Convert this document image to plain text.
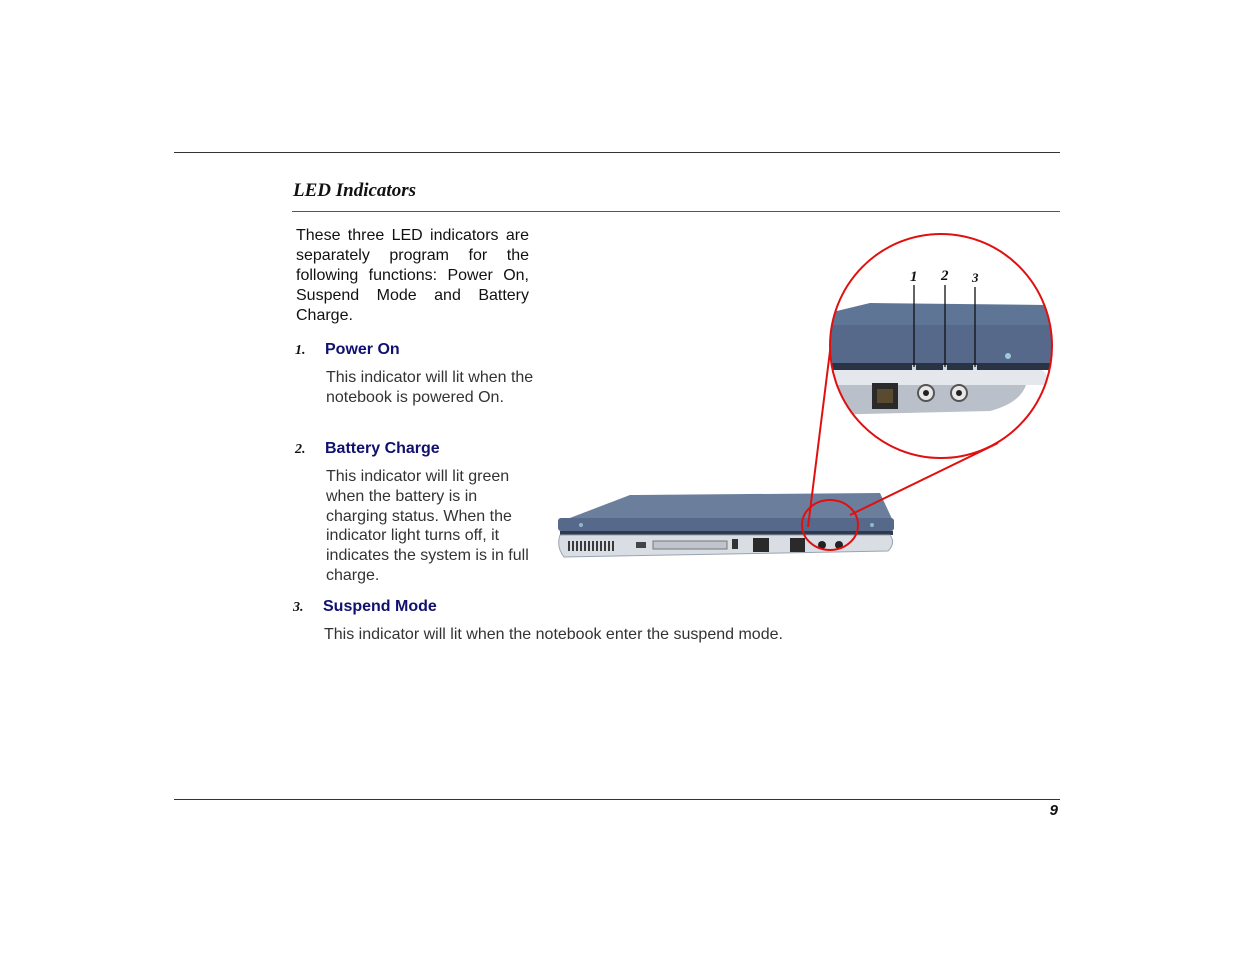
LED Indicators

These three LED indicators are separately program for the following functions: Power On, Suspend Mode and Battery Charge.

1. Power On

This indicator will lit when the notebook is powered On.

2. Battery Charge

This indicator will lit green when the battery is in charging status. When the indicator light turns off, it indicates the system is in full charge.

3. Suspend Mode

This indicator will lit when the notebook enter the suspend mode.

1 2 3
9
